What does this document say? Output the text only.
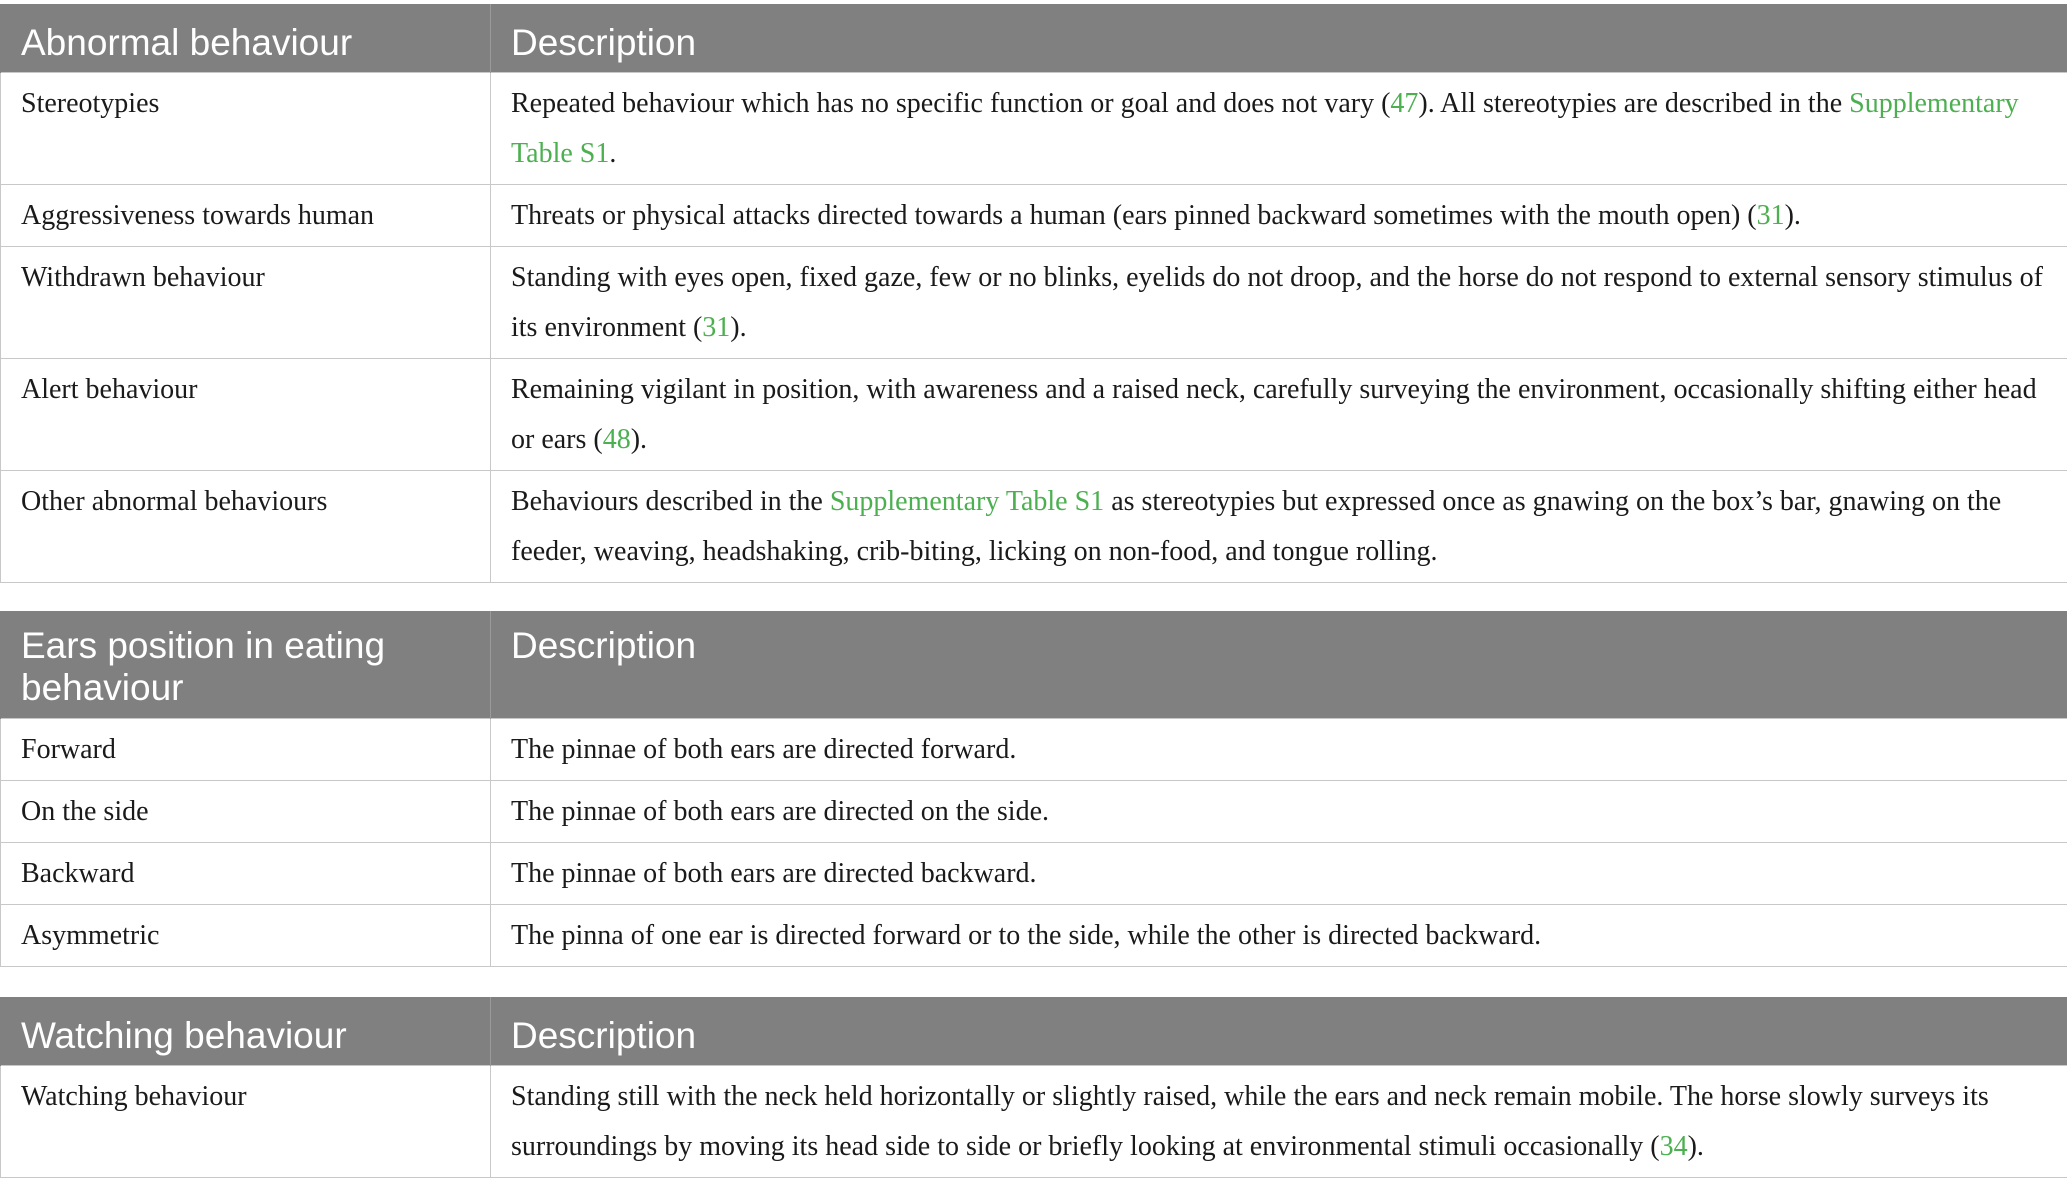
Abnormal behaviour	Description
Stereotypies	Repeated behaviour which has no specific function or goal and does not vary (47). All stereotypies are described in the Supplementary Table S1.
Aggressiveness towards human	Threats or physical attacks directed towards a human (ears pinned backward sometimes with the mouth open) (31).
Withdrawn behaviour	Standing with eyes open, fixed gaze, few or no blinks, eyelids do not droop, and the horse do not respond to external sensory stimulus of its environment (31).
Alert behaviour	Remaining vigilant in position, with awareness and a raised neck, carefully surveying the environment, occasionally shifting either head or ears (48).
Other abnormal behaviours	Behaviours described in the Supplementary Table S1 as stereotypies but expressed once as gnawing on the box’s bar, gnawing on the feeder, weaving, headshaking, crib-biting, licking on non-food, and tongue rolling.
Ears position in eating behaviour	Description
Forward	The pinnae of both ears are directed forward.
On the side	The pinnae of both ears are directed on the side.
Backward	The pinnae of both ears are directed backward.
Asymmetric	The pinna of one ear is directed forward or to the side, while the other is directed backward.
Watching behaviour	Description
Watching behaviour	Standing still with the neck held horizontally or slightly raised, while the ears and neck remain mobile. The horse slowly surveys its surroundings by moving its head side to side or briefly looking at environmental stimuli occasionally (34).
